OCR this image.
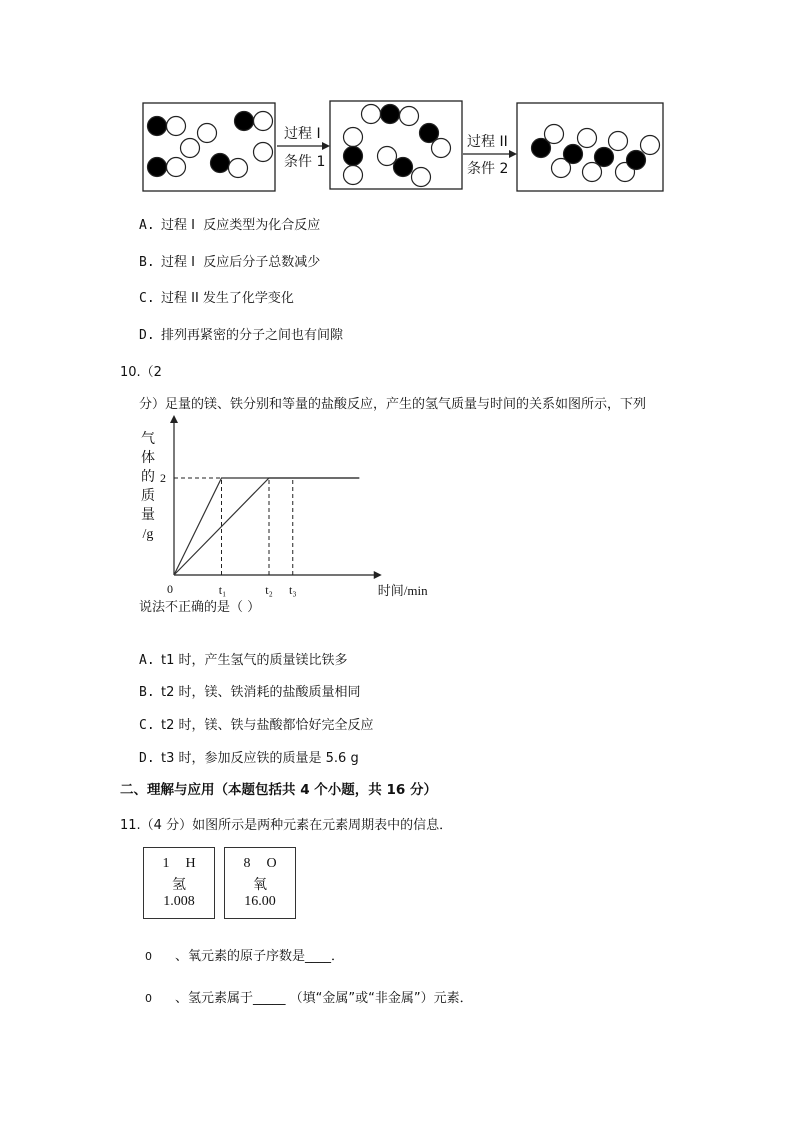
过程 I
条件 1
过程 II
条件 2
A. 过程 I  反应类型为化合反应
B. 过程 I  反应后分子总数减少
C. 过程 II 发生了化学变化
D. 排列再紧密的分子之间也有间隙
10.（2
分）足量的镁、铁分别和等量的盐酸反应，产生的氢气质量与时间的关系如图所示，下列
0
2
t₁	t₂ t₃	时间/min
气
体
的
质
量
/g
说法不正确的是（ ）
A. t1 时，产生氢气的质量镁比铁多
B. t2 时，镁、铁消耗的盐酸质量相同
C. t2 时，镁、铁与盐酸都恰好完全反应
D. t3 时，参加反应铁的质量是 5.6 g
二、理解与应用（本题包括共 4 个小题，共 16 分）
11.（4 分）如图所示是两种元素在元素周期表中的信息．
1 H
氢
1.008
8 O
氧
16.00
0 、氧元素的原子序数是____．
0 、氢元素属于_____ （填“金属”或“非金属”）元素．
